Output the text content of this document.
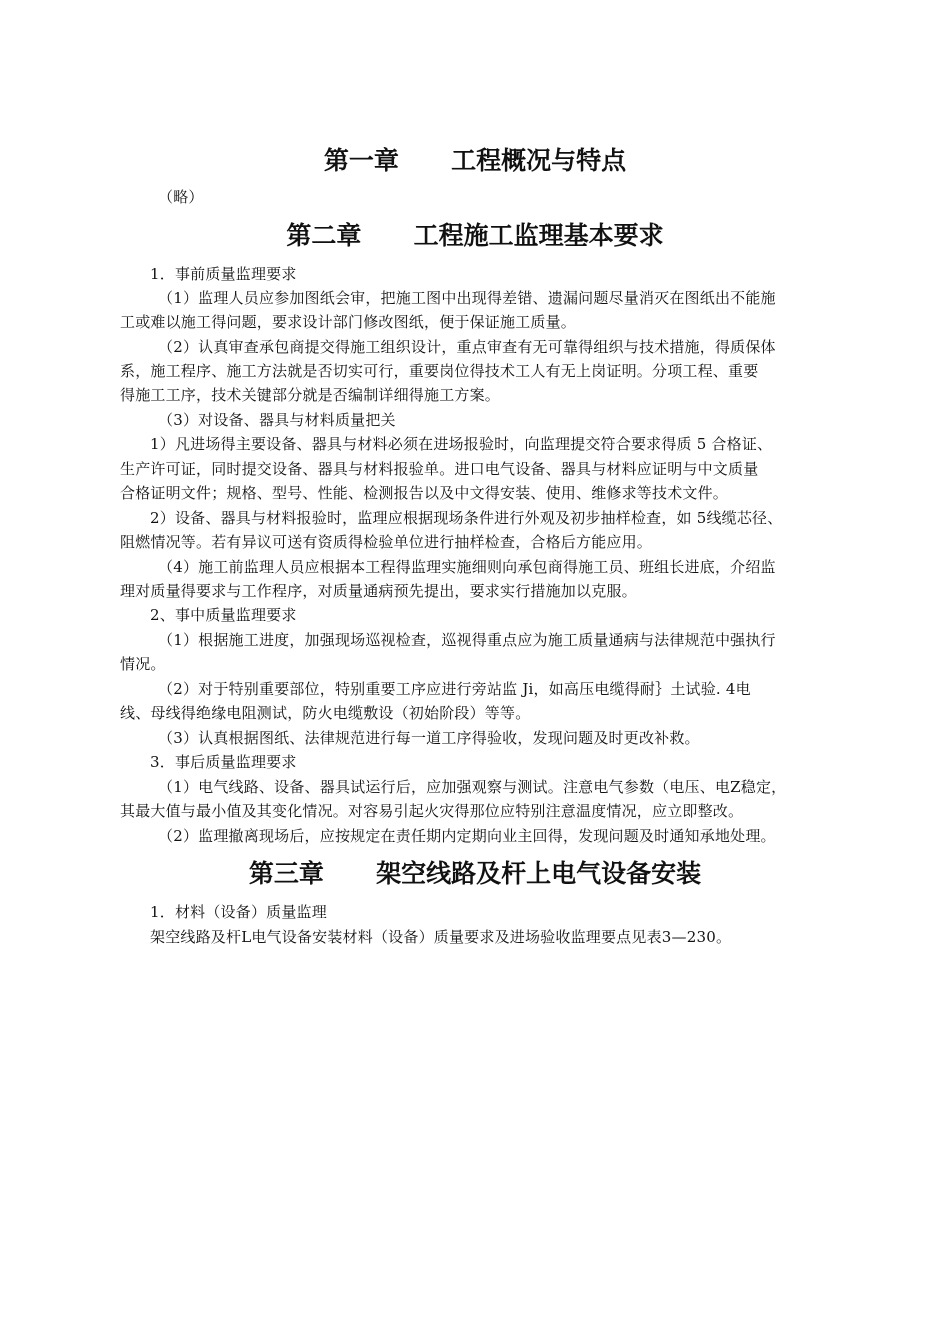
第一章      工程概况与特点
（略）
第二章      工程施工监理基本要求
1．事前质量监理要求
（1）监理人员应参加图纸会审，把施工图中出现得差错、遗漏问题尽量消灭在图纸出不能施
工或难以施工得问题，要求设计部门修改图纸，便于保证施工质量。
（2）认真审查承包商提交得施工组织设计，重点审查有无可靠得组织与技术措施，得质保体
系，施工程序、施工方法就是否切实可行，重要岗位得技术工人有无上岗证明。分项工程、重要
得施工工序，技术关键部分就是否编制详细得施工方案。
（3）对设备、器具与材料质量把关
1）凡进场得主要设备、器具与材料必须在进场报验时，向监理提交符合要求得质 5 合格证、
生产许可证，同时提交设备、器具与材料报验单。进口电气设备、器具与材料应证明与中文质量
合格证明文件；规格、型号、性能、检测报告以及中文得安装、使用、维修求等技术文件。
2）设备、器具与材料报验时，监理应根据现场条件进行外观及初步抽样检查，如 5线缆芯径、
阻燃情况等。若有异议可送有资质得检验单位进行抽样检查，合格后方能应用。
（4）施工前监理人员应根据本工程得监理实施细则向承包商得施工员、班组长进底，介绍监
理对质量得要求与工作程序，对质量通病预先提出，要求实行措施加以克服。
2、事中质量监理要求
（1）根据施工进度，加强现场巡视检查，巡视得重点应为施工质量通病与法律规范中强执行
情况。
（2）对于特别重要部位，特别重要工序应进行旁站监 Ji，如高压电缆得耐｝土试验. 4电
线、母线得绝缘电阻测试，防火电缆敷设（初始阶段）等等。
（3）认真根据图纸、法律规范进行每一道工序得验收，发现问题及时更改补救。
3．事后质量监理要求
（1）电气线路、设备、器具试运行后，应加强观察与测试。注意电气参数（电压、电Z稳定，
其最大值与最小值及其变化情况。对容易引起火灾得那位应特别注意温度情况，应立即整改。
（2）监理撤离现场后，应按规定在责任期内定期向业主回得，发现问题及时通知承地处理。
第三章      架空线路及杆上电气设备安装
1．材料（设备）质量监理
架空线路及杆L电气设备安装材料（设备）质量要求及进场验收监理要点见表3—230。
